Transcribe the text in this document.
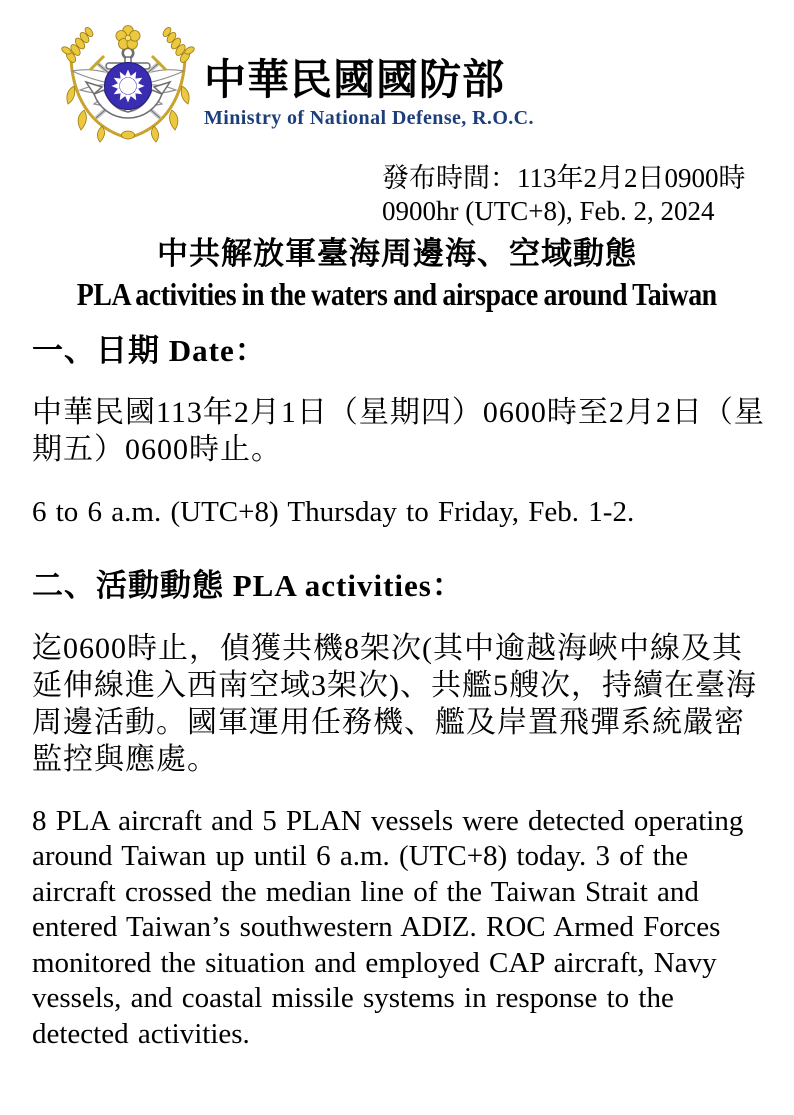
中華民國國防部
Ministry of National Defense, R.O.C.
發布時間：113年2月2日0900時
0900hr (UTC+8), Feb. 2, 2024
中共解放軍臺海周邊海、空域動態
PLA activities in the waters and airspace around Taiwan
一、日期 Date：

中華民國113年2月1日（星期四）0600時至2月2日（星期五）0600時止。

6 to 6 a.m. (UTC+8) Thursday to Friday, Feb. 1-2.

二、活動動態 PLA activities：

迄0600時止，偵獲共機8架次(其中逾越海峽中線及其延伸線進入西南空域3架次)、共艦5艘次，持續在臺海周邊活動。國軍運用任務機、艦及岸置飛彈系統嚴密監控與應處。

8 PLA aircraft and 5 PLAN vessels were detected operating around Taiwan up until 6 a.m. (UTC+8) today. 3 of the aircraft crossed the median line of the Taiwan Strait and entered Taiwan’s southwestern ADIZ. ROC Armed Forces monitored the situation and employed CAP aircraft, Navy vessels, and coastal missile systems in response to the detected activities.
